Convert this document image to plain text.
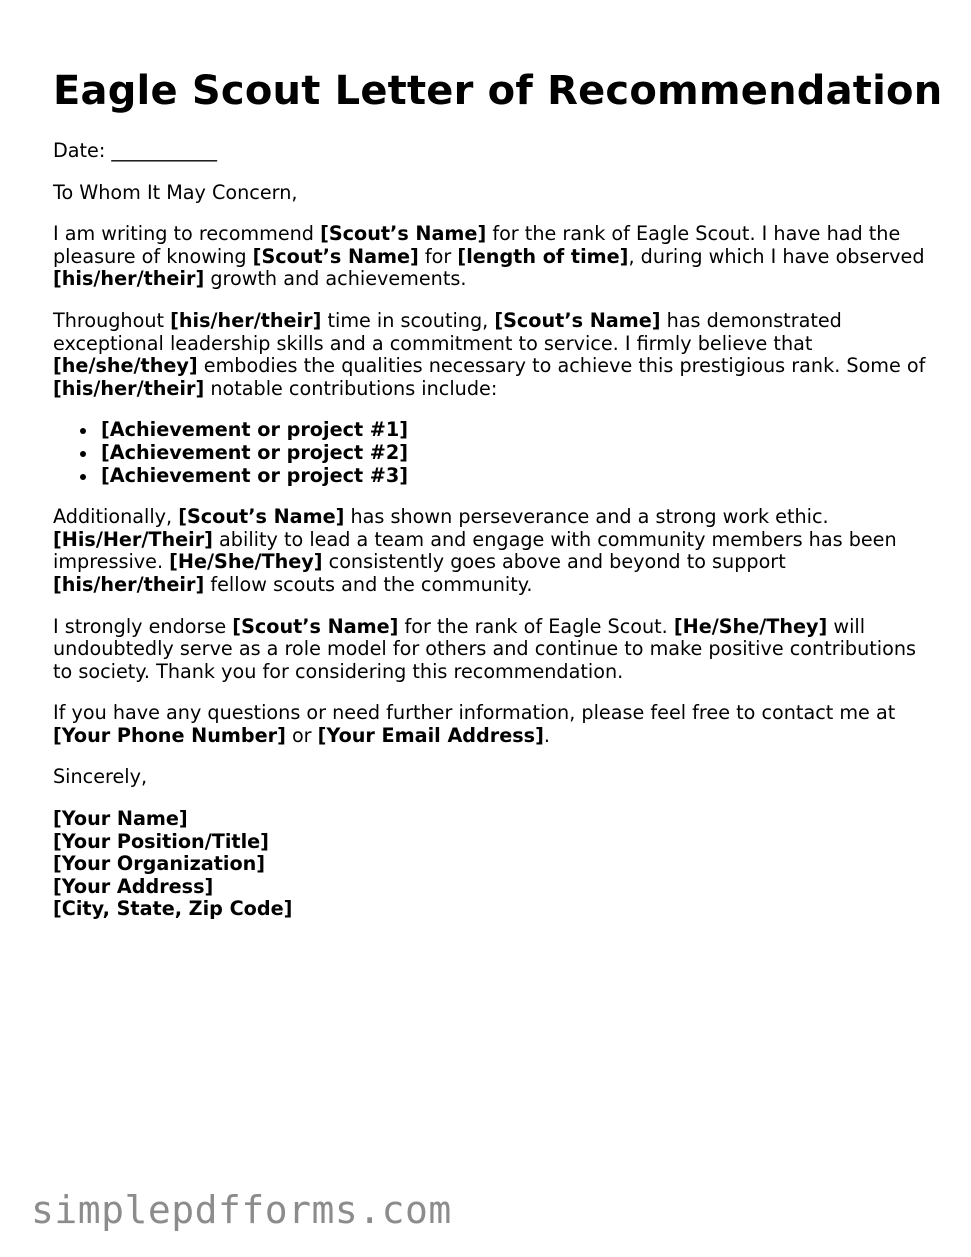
Eagle Scout Letter of Recommendation

Date: ___________

To Whom It May Concern,

I am writing to recommend [Scout’s Name] for the rank of Eagle Scout. I have had the pleasure of knowing [Scout’s Name] for [length of time], during which I have observed [his/her/their] growth and achievements.

Throughout [his/her/their] time in scouting, [Scout’s Name] has demonstrated exceptional leadership skills and a commitment to service. I firmly believe that [he/she/they] embodies the qualities necessary to achieve this prestigious rank. Some of [his/her/their] notable contributions include:

[Achievement or project #1]
[Achievement or project #2]
[Achievement or project #3]

Additionally, [Scout’s Name] has shown perseverance and a strong work ethic. [His/Her/Their] ability to lead a team and engage with community members has been impressive. [He/She/They] consistently goes above and beyond to support [his/her/their] fellow scouts and the community.

I strongly endorse [Scout’s Name] for the rank of Eagle Scout. [He/She/They] will undoubtedly serve as a role model for others and continue to make positive contributions to society. Thank you for considering this recommendation.

If you have any questions or need further information, please feel free to contact me at [Your Phone Number] or [Your Email Address].

Sincerely,

[Your Name]
[Your Position/Title]
[Your Organization]
[Your Address]
[City, State, Zip Code]
simplepdfforms.com
